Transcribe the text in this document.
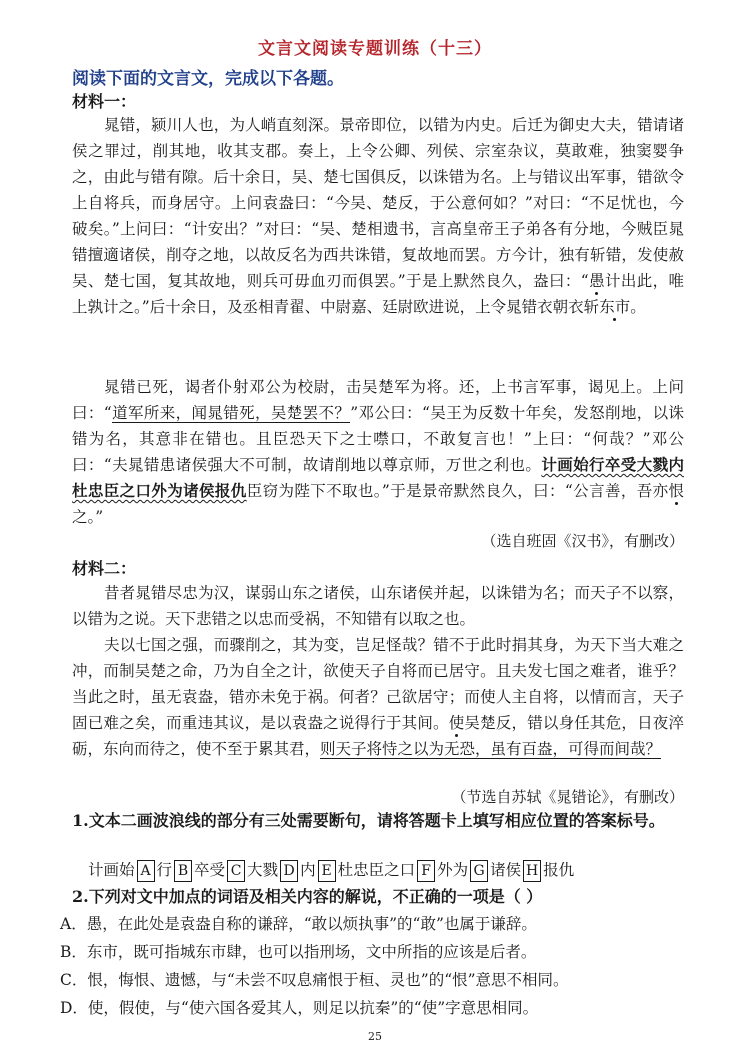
文言文阅读专题训练（十三）
阅读下面的文言文，完成以下各题。
材料一：
晁错，颍川人也，为人峭直刻深。景帝即位，以错为内史。后迁为御史大夫，错请诸侯之罪过，削其地，收其支郡。奏上，上令公卿、列侯、宗室杂议，莫敢难，独窦婴争之，由此与错有隙。后十余日，吴、楚七国俱反，以诛错为名。上与错议出军事，错欲令上自将兵，而身居守。上问袁盎曰：“今吴、楚反，于公意何如？”对曰：“不足忧也，今破矣。”上问曰：“计安出？”对曰：“吴、楚相遗书，言高皇帝王子弟各有分地，今贼臣晁错擅適诸侯，削夺之地，以故反名为西共诛错，复故地而罢。方今计，独有斩错，发使赦吴、楚七国，复其故地，则兵可毋血刃而俱罢。”于是上默然良久，盎曰：“愚计出此，唯上孰计之。”后十余日，及丞相青翟、中尉嘉、廷尉欧进说，上令晁错衣朝衣斩东市。
晁错已死，谒者仆射邓公为校尉，击吴楚军为将。还，上书言军事，谒见上。上问曰：“道军所来，闻晁错死，吴楚罢不？”邓公曰：“吴王为反数十年矣，发怒削地，以诛错为名，其意非在错也。且臣恐天下之士噤口，不敢复言也！”上曰：“何哉？”邓公曰：“夫晁错患诸侯强大不可制，故请削地以尊京师，万世之利也。计画始行卒受大戮内杜忠臣之口外为诸侯报仇臣窃为陛下不取也。”于是景帝默然良久，曰：“公言善，吾亦恨之。”
（选自班固《汉书》，有删改）
材料二：
昔者晁错尽忠为汉，谋弱山东之诸侯，山东诸侯并起，以诛错为名；而天子不以察，以错为之说。天下悲错之以忠而受祸，不知错有以取之也。
夫以七国之强，而骤削之，其为变，岂足怪哉？错不于此时捐其身，为天下当大难之冲，而制吴楚之命，乃为自全之计，欲使天子自将而已居守。且夫发七国之难者，谁乎？当此之时，虽无袁盎，错亦未免于祸。何者？己欲居守；而使人主自将，以情而言，天子固已难之矣，而重违其议，是以袁盎之说得行于其间。使吴楚反，错以身任其危，日夜淬砺，东向而待之，使不至于累其君，则天子将恃之以为无恐，虽有百盎，可得而间哉？
（节选自苏轼《晁错论》，有删改）
1.文本二画波浪线的部分有三处需要断句，请将答题卡上填写相应位置的答案标号。
计画始 A 行 B 卒受 C 大戮 D 内 E 杜忠臣之口 F 外为 G 诸侯 H 报仇
2.下列对文中加点的词语及相关内容的解说，不正确的一项是（ ）
A．愚，在此处是袁盎自称的谦辞，“敢以烦执事”的“敢”也属于谦辞。
B．东市，既可指城东市肆，也可以指刑场，文中所指的应该是后者。
C．恨，悔恨、遗憾，与“未尝不叹息痛恨于桓、灵也”的“恨”意思不相同。
D．使，假使，与“使六国各爱其人，则足以抗秦”的“使”字意思相同。
25
